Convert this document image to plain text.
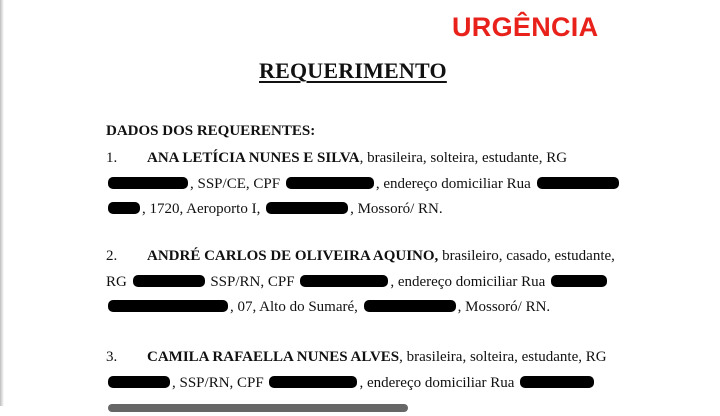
URGÊNCIA
REQUERIMENTO
DADOS DOS REQUERENTES:
1. ANA LETÍCIA NUNES E SILVA, brasileira, solteira, estudante, RG
, SSP/CE, CPF	, endereço domiciliar Rua
, 1720, Aeroporto I,	, Mossoró/ RN.
2. ANDRÉ CARLOS DE OLIVEIRA AQUINO, brasileiro, casado, estudante,
RG	SSP/RN, CPF	, endereço domiciliar Rua
, 07, Alto do Sumaré,	, Mossoró/ RN.
3. CAMILA RAFAELLA NUNES ALVES, brasileira, solteira, estudante, RG
, SSP/RN, CPF	, endereço domiciliar Rua
